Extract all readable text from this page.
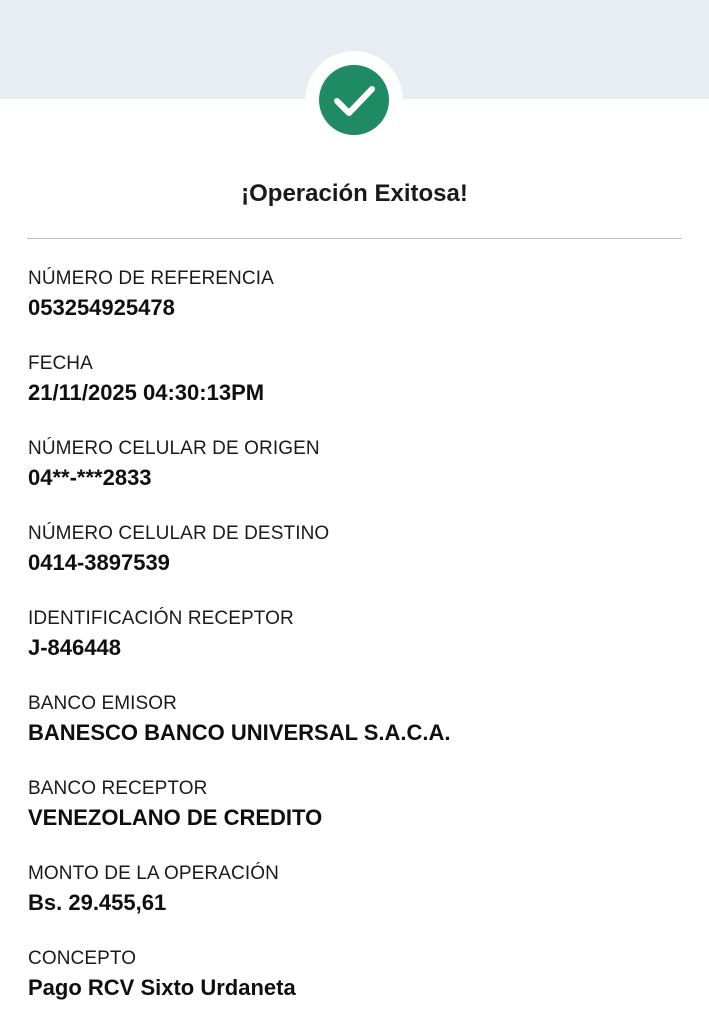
¡Operación Exitosa!
NÚMERO DE REFERENCIA
053254925478
FECHA
21/11/2025 04:30:13PM
NÚMERO CELULAR DE ORIGEN
04**-***2833
NÚMERO CELULAR DE DESTINO
0414-3897539
IDENTIFICACIÓN RECEPTOR
J-846448
BANCO EMISOR
BANESCO BANCO UNIVERSAL S.A.C.A.
BANCO RECEPTOR
VENEZOLANO DE CREDITO
MONTO DE LA OPERACIÓN
Bs. 29.455,61
CONCEPTO
Pago RCV Sixto Urdaneta
